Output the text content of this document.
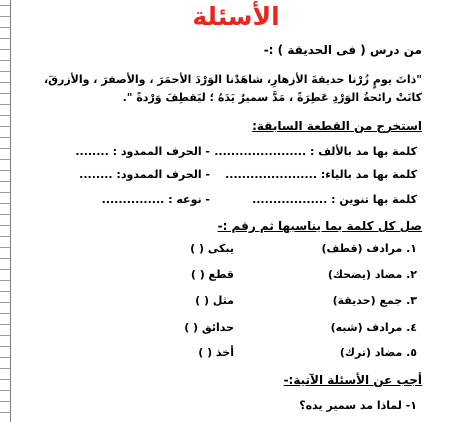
الأسئلة
من درس ( فى الحديقة ) :-
"ذاتَ يومٍ زُرْنا حديقةَ الأزهارِ، شاهَدْنا الوَرْدَ الأحمَرَ ، والأصفرَ ، والأزرقَ،
كانَتْ رائحةُ الوَرْدِ عَطِرَةً ، مَدَّ سميرٌ يَدَهُ ؛ ليَقطِفَ وَرْدةً ".
استخرج من القطعة السابقة:
كلمة بها مد بالألف : ......................
- الحرف الممدود : ........
كلمة بها مد بالياء: ......................
- الحرف الممدود: ........
كلمة بها تنوين : ..................
- نوعه : ...............
صل كل كلمة بما يناسبها ثم رقم :-
١. مرادف (قطف)
يبكى ( )
٢. مضاد (يضحك)
قطع ( )
٣. جمع (حديقة)
مثل ( )
٤. مرادف (شبه)
حدائق ( )
٥. مضاد (ترك)
أخذ ( )
أجب عن الأسئلة الآتية:-
١- لماذا مد سمير يده؟
